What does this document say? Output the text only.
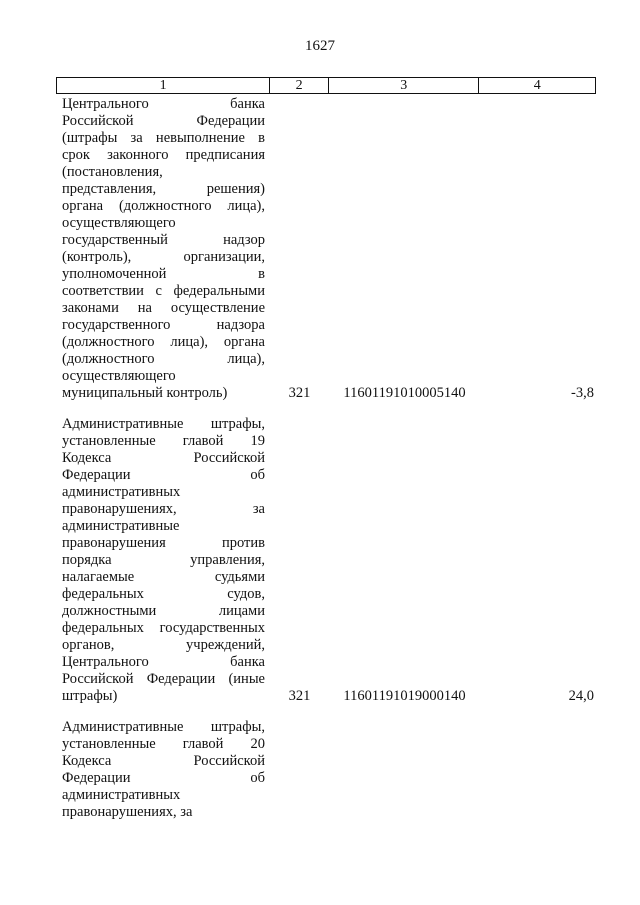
1627
1	2	3	4
Центрального банка
Российской Федерации
(штрафы за невыполнение в
срок законного предписания
(постановления,
представления, решения)
органа (должностного лица),
осуществляющего
государственный надзор
(контроль), организации,
уполномоченной в
соответствии с федеральными
законами на осуществление
государственного надзора
(должностного лица), органа
(должностного лица),
осуществляющего
муниципальный контроль)	321	11601191010005140	-3,8
Административные штрафы,
установленные главой 19
Кодекса Российской
Федерации об
административных
правонарушениях, за
административные
правонарушения против
порядка управления,
налагаемые судьями
федеральных судов,
должностными лицами
федеральных государственных
органов, учреждений,
Центрального банка
Российской Федерации (иные
штрафы)	321	11601191019000140	24,0
Административные штрафы,
установленные главой 20
Кодекса Российской
Федерации об
административных
правонарушениях, за
